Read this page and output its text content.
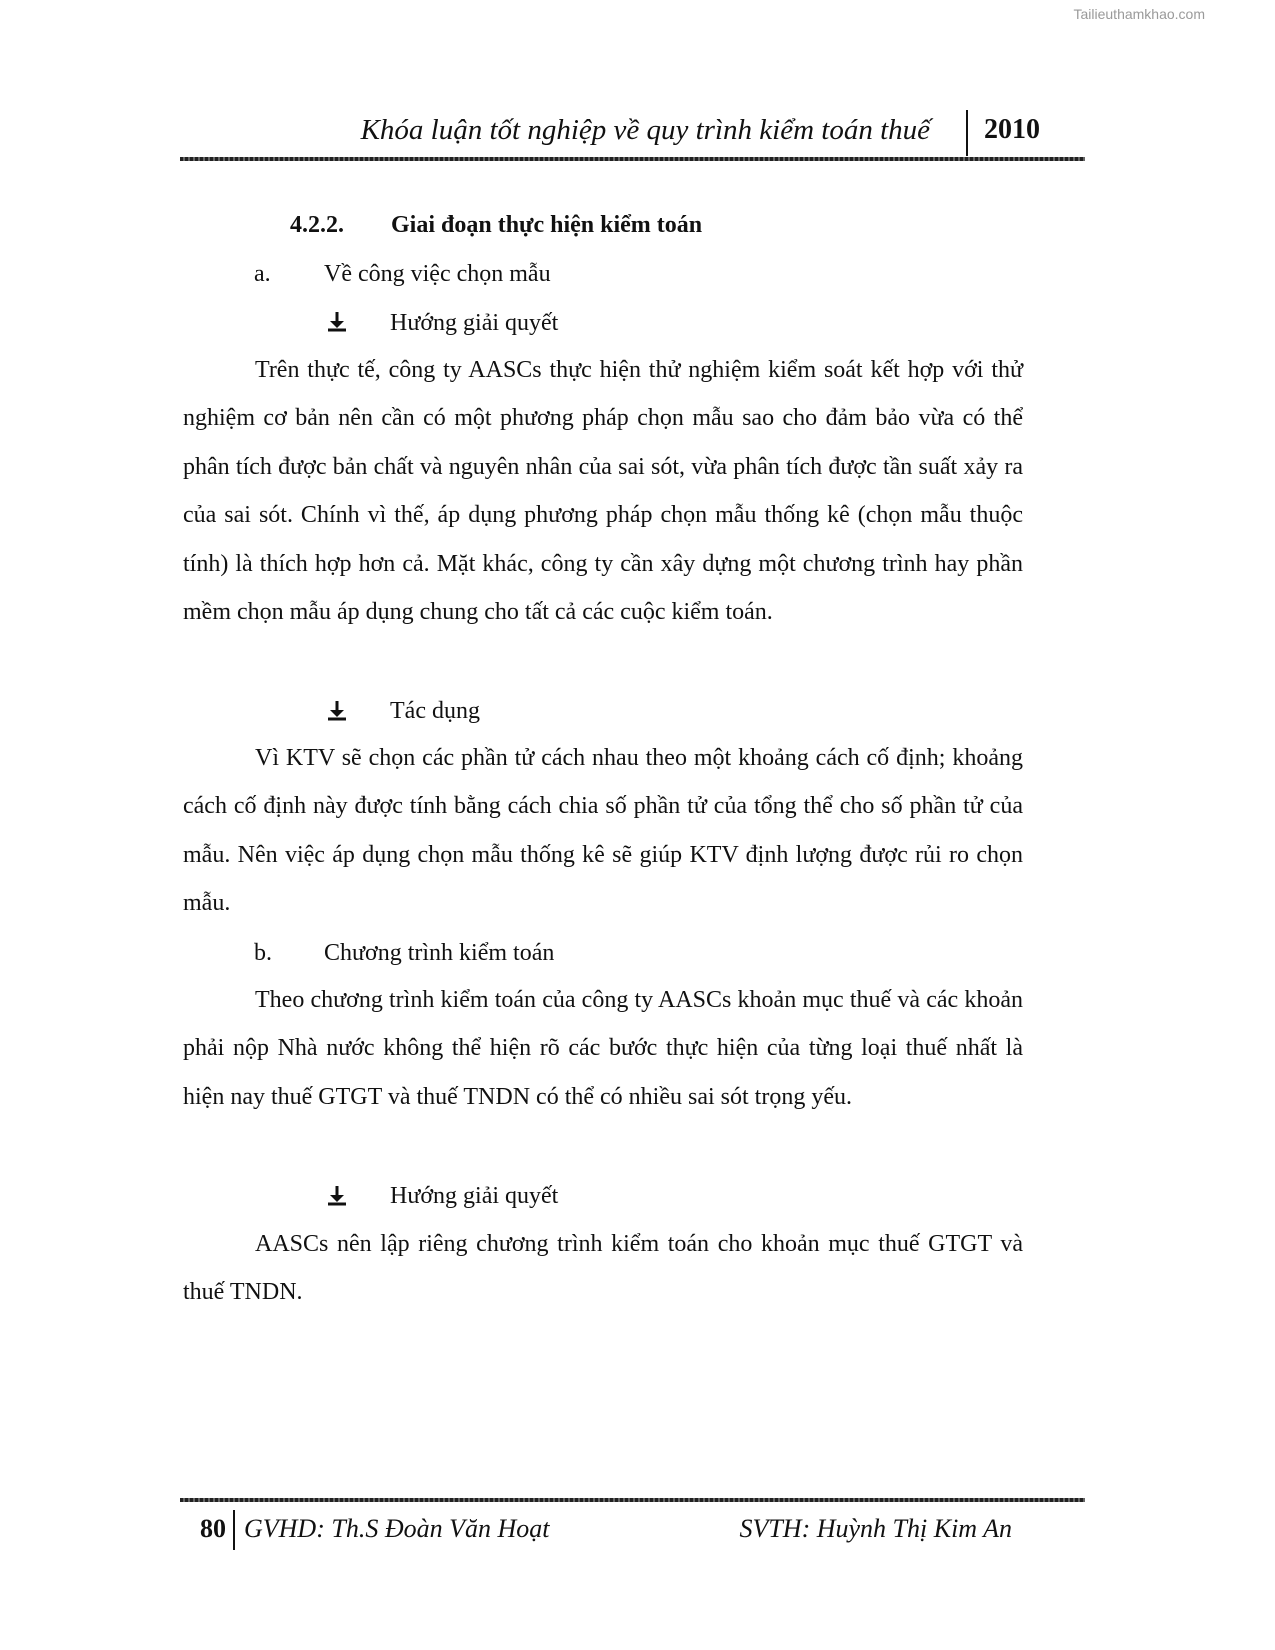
Tailieuthamkhao.com
Khóa luận tốt nghiệp về quy trình kiểm toán thuế 2010
4.2.2. Giai đoạn thực hiện kiểm toán
a. Về công việc chọn mẫu
Hướng giải quyết

Trên thực tế, công ty AASCs thực hiện thử nghiệm kiểm soát kết hợp với thử nghiệm cơ bản nên cần có một phương pháp chọn mẫu sao cho đảm bảo vừa có thể phân tích được bản chất và nguyên nhân của sai sót, vừa phân tích được tần suất xảy ra của sai sót. Chính vì thế, áp dụng phương pháp chọn mẫu thống kê (chọn mẫu thuộc tính) là thích hợp hơn cả. Mặt khác, công ty cần xây dựng một chương trình hay phần mềm chọn mẫu áp dụng chung cho tất cả các cuộc kiểm toán.

Tác dụng

Vì KTV sẽ chọn các phần tử cách nhau theo một khoảng cách cố định; khoảng cách cố định này được tính bằng cách chia số phần tử của tổng thể cho số phần tử của mẫu. Nên việc áp dụng chọn mẫu thống kê sẽ giúp KTV định lượng được rủi ro chọn mẫu.

b. Chương trình kiểm toán

Theo chương trình kiểm toán của công ty AASCs khoản mục thuế và các khoản phải nộp Nhà nước không thể hiện rõ các bước thực hiện của từng loại thuế nhất là hiện nay thuế GTGT và thuế TNDN có thể có nhiều sai sót trọng yếu.

Hướng giải quyết

AASCs nên lập riêng chương trình kiểm toán cho khoản mục thuế GTGT và thuế TNDN.

80 GVHD: Th.S Đoàn Văn Hoạt	SVTH: Huỳnh Thị Kim An
